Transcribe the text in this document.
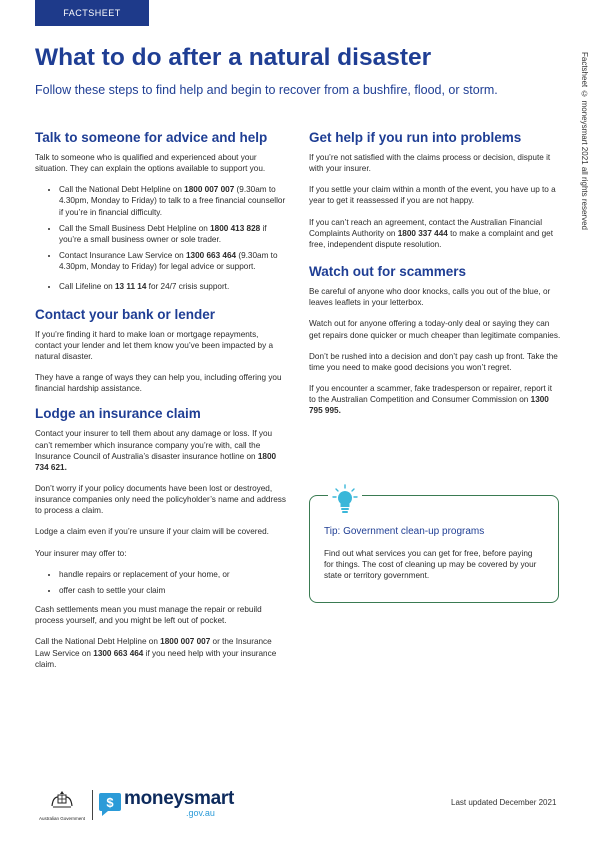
FACTSHEET
What to do after a natural disaster

Follow these steps to find help and begin to recover from a bushfire, flood, or storm.	Factsheet © moneysmart 2021 all rights reserved
Talk to someone for advice and help

Talk to someone who is qualified and experienced about your situation. They can explain the options available to support you.

• Call the National Debt Helpline on 1800 007 007 (9.30am to 4.30pm, Monday to Friday) to talk to a free financial counsellor if you’re in financial difficulty.
• Call the Small Business Debt Helpline on 1800 413 828 if you’re a small business owner or sole trader.
• Contact Insurance Law Service on 1300 663 464 (9.30am to 4.30pm, Monday to Friday) for legal advice or support.
• Call Lifeline on 13 11 14 for 24/7 crisis support.
Contact your bank or lender

If you’re finding it hard to make loan or mortgage repayments, contact your lender and let them know you’ve been impacted by a natural disaster.

They have a range of ways they can help you, including offering you financial hardship assistance.

Lodge an insurance claim

Contact your insurer to tell them about any damage or loss. If you can’t remember which insurance company you’re with, call the Insurance Council of Australia’s disaster insurance hotline on 1800 734 621.

Don’t worry if your policy documents have been lost or destroyed, insurance companies only need the policyholder’s name and address to process a claim.

Lodge a claim even if you’re unsure if your claim will be covered.

Your insurer may offer to:

• handle repairs or replacement of your home, or
• offer cash to settle your claim

Cash settlements mean you must manage the repair or rebuild process yourself, and you might be left out of pocket.

Call the National Debt Helpline on 1800 007 007 or the Insurance Law Service on 1300 663 464 if you need help with your insurance claim.

Get help if you run into problems

If you’re not satisfied with the claims process or decision, dispute it with your insurer.

If you settle your claim within a month of the event, you have up to a year to get it reassessed if you are not happy.

If you can’t reach an agreement, contact the Australian Financial Complaints Authority on 1800 337 444 to make a complaint and get free, independent dispute resolution.

Watch out for scammers

Be careful of anyone who door knocks, calls you out of the blue, or leaves leaflets in your letterbox.

Watch out for anyone offering a today-only deal or saying they can get repairs done quicker or much cheaper than legitimate companies.

Don’t be rushed into a decision and don’t pay cash up front. Take the time you need to make good decisions you won’t regret.

If you encounter a scammer, fake tradesperson or repairer, report it to the Australian Competition and Consumer Commission on 1300 795 995.

Tip: Government clean-up programs

Find out what services you can get for free, before paying for things. The cost of cleaning up may be covered by your state or territory government.

Australian Government
$ moneysmart
.gov.au
Last updated December 2021
